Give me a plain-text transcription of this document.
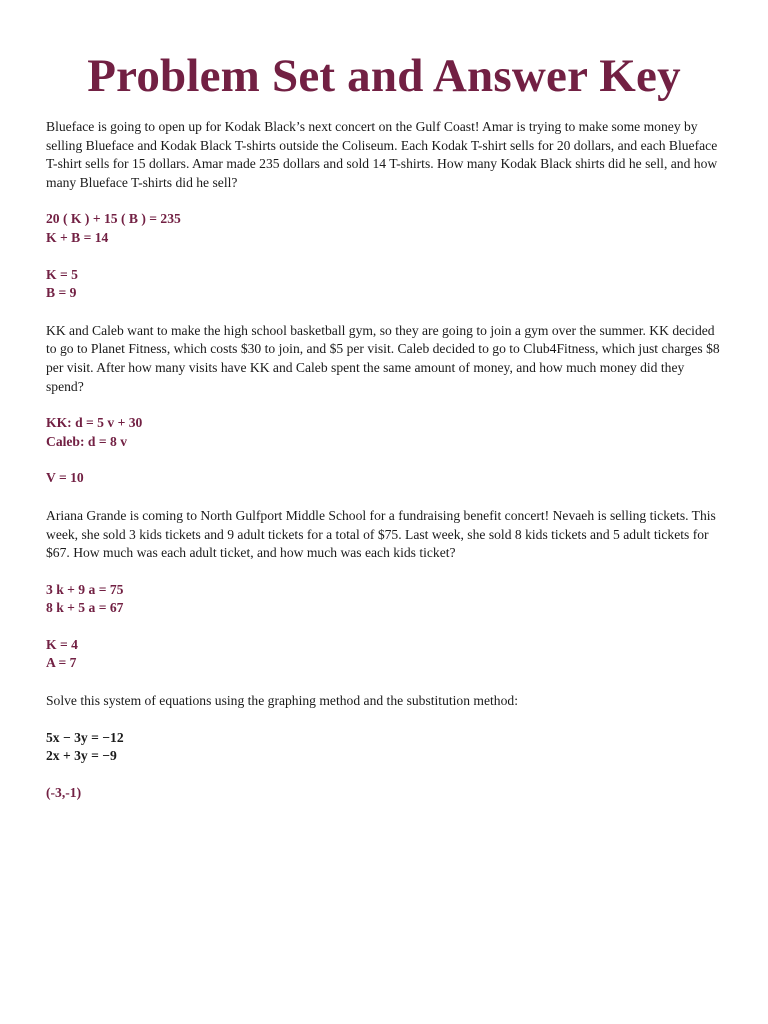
Problem Set and Answer Key

Blueface is going to open up for Kodak Black’s next concert on the Gulf Coast! Amar is trying to make some money by selling Blueface and Kodak Black T-shirts outside the Coliseum. Each Kodak T-shirt sells for 20 dollars, and each Blueface T-shirt sells for 15 dollars. Amar made 235 dollars and sold 14 T-shirts. How many Kodak Black shirts did he sell, and how many Blueface T-shirts did he sell?

20 ( K ) + 15 ( B ) = 235

K + B = 14

K = 5

B = 9

KK and Caleb want to make the high school basketball gym, so they are going to join a gym over the summer. KK decided to go to Planet Fitness, which costs $30 to join, and $5 per visit. Caleb decided to go to Club4Fitness, which just charges $8 per visit. After how many visits have KK and Caleb spent the same amount of money, and how much money did they spend?

KK: d = 5 v + 30

Caleb: d = 8 v

V = 10

Ariana Grande is coming to North Gulfport Middle School for a fundraising benefit concert! Nevaeh is selling tickets. This week, she sold 3 kids tickets and 9 adult tickets for a total of $75. Last week, she sold 8 kids tickets and 5 adult tickets for $67. How much was each adult ticket, and how much was each kids ticket?

3 k + 9 a = 75

8 k + 5 a = 67

K = 4

A = 7

Solve this system of equations using the graphing method and the substitution method:

5x − 3y = −12

2x + 3y = −9

(-3,-1)
